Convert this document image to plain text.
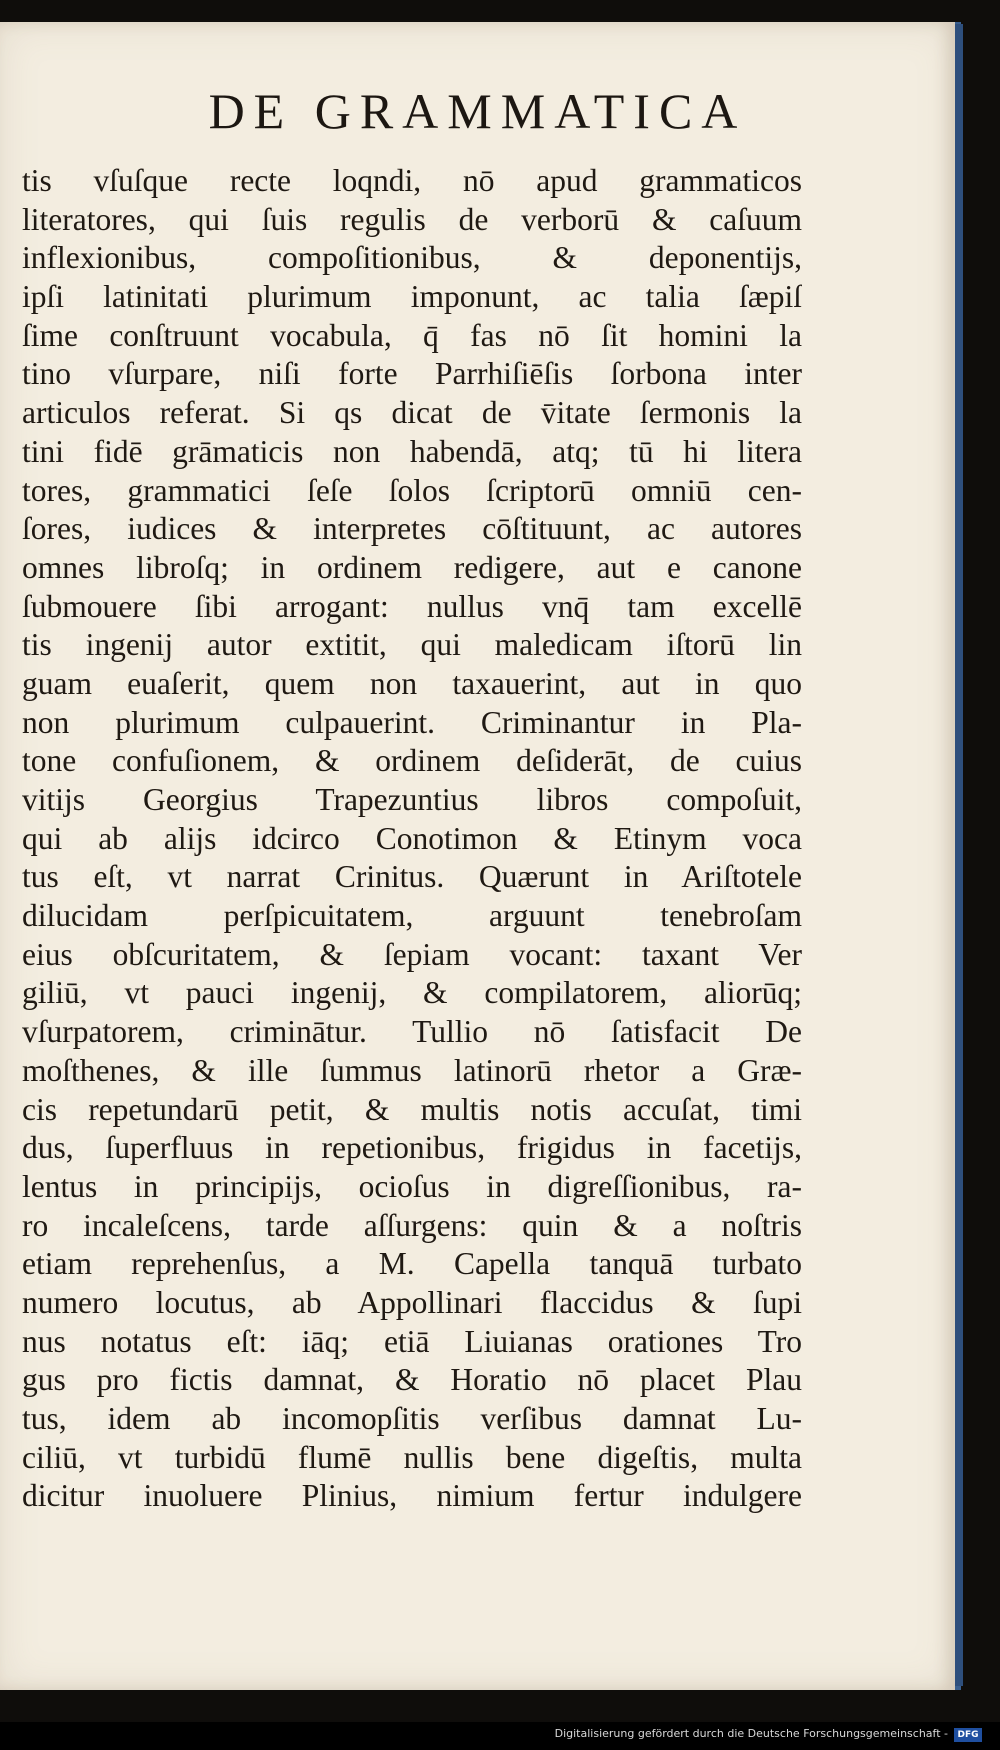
DE GRAMMATICA
tis vſuſque recte loqndi, nō apud grammaticos
literatores, qui ſuis regulis de verborū & caſuum
inflexionibus, compoſitionibus, & deponentijs,
ipſi latinitati plurimum imponunt, ac talia ſæpiſ
ſime conſtruunt vocabula, q̄ fas nō ſit homini la
tino vſurpare, niſi forte Parrhiſiēſis ſorbona inter
articulos referat. Si qs dicat de v̄itate ſermonis la
tini fidē grāmaticis non habendā, atq; tū hi litera
tores, grammatici ſeſe ſolos ſcriptorū omniū cen-
ſores, iudices & interpretes cōſtituunt, ac autores
omnes libroſq; in ordinem redigere, aut e canone
ſubmouere ſibi arrogant: nullus vnq̄ tam excellē
tis ingenij autor extitit, qui maledicam iſtorū lin
guam euaſerit, quem non taxauerint, aut in quo
non plurimum culpauerint. Criminantur in Pla-
tone confuſionem, & ordinem deſiderāt, de cuius
vitijs Georgius Trapezuntius libros compoſuit,
qui ab alijs idcirco Conotimon & Etinym voca
tus eſt, vt narrat Crinitus. Quærunt in Ariſtotele
dilucidam perſpicuitatem, arguunt tenebroſam
eius obſcuritatem, & ſepiam vocant: taxant Ver
giliū, vt pauci ingenij, & compilatorem, aliorūq;
vſurpatorem, criminātur. Tullio nō ſatisfacit De
moſthenes, & ille ſummus latinorū rhetor a Græ-
cis repetundarū petit, & multis notis accuſat, timi
dus, ſuperfluus in repetionibus, frigidus in facetijs,
lentus in principijs, ocioſus in digreſſionibus, ra-
ro incaleſcens, tarde aſſurgens: quin & a noſtris
etiam reprehenſus, a M. Capella tanquā turbato
numero locutus, ab Appollinari flaccidus & ſupi
nus notatus eſt: iāq; etiā Liuianas orationes Tro
gus pro fictis damnat, & Horatio nō placet Plau
tus, idem ab incomopſitis verſibus damnat Lu-
ciliū, vt turbidū flumē nullis bene digeſtis, multa
dicitur inuoluere Plinius, nimium fertur indulgere
Digitalisierung gefördert durch die Deutsche Forschungsgemeinschaft -	DFG
